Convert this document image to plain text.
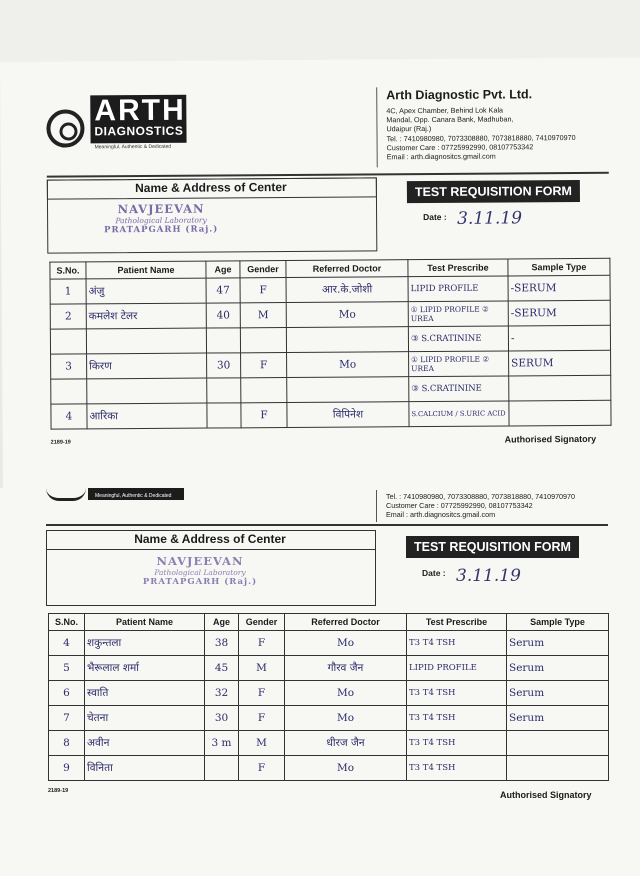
ARTH
DIAGNOSTICS
Meaningful, Authentic & Dedicated
Arth Diagnostic Pvt. Ltd.
4C, Apex Chamber, Behind Lok Kala
Mandal, Opp. Canara Bank, Madhuban,
Udaipur (Raj.)
Tel. : 7410980980, 7073308880, 7073818880, 7410970970
Customer Care : 07725992990, 08107753342
Email : arth.diagnositcs.gmail.com
Name & Address of Center
NAVJEEVAN
Pathological Laboratory
PRATAPGARH (Raj.)
TEST REQUISITION FORM
Date : 3.11.19
S.No.	Patient Name	Age	Gender	Referred Doctor	Test Prescribe	Sample Type
1	अंजु	47	F	आर.के.जोशी	LIPID PROFILE	-SERUM
2	कमलेश टेलर	40	M	Mo	① LIPID PROFILE ② UREA	-SERUM
					③ S.CRATININE	-
3	किरण	30	F	Mo	① LIPID PROFILE ② UREA	SERUM
					③ S.CRATININE	
4	आरिका		F	विपिनेश	S.CALCIUM / S.URIC ACID	
2189-19	Authorised Signatory
Meaningful, Authentic & Dedicated	Tel. : 7410980980, 7073308880, 7073818880, 7410970970
Customer Care : 07725992990, 08107753342
Email : arth.diagnositcs.gmail.com
Name & Address of Center
NAVJEEVAN
Pathological Laboratory
PRATAPGARH (Raj.)
TEST REQUISITION FORM
Date : 3.11.19
S.No.	Patient Name	Age	Gender	Referred Doctor	Test Prescribe	Sample Type
4	शकुन्तला	38	F	Mo	T3 T4 TSH	Serum
5	भैरूलाल शर्मा	45	M	गौरव जैन	LIPID PROFILE	Serum
6	स्वाति	32	F	Mo	T3 T4 TSH	Serum
7	चेतना	30	F	Mo	T3 T4 TSH	Serum
8	अवीन	3 m	M	धीरज जैन	T3 T4 TSH	
9	विनिता		F	Mo	T3 T4 TSH	
2189-19	Authorised Signatory
